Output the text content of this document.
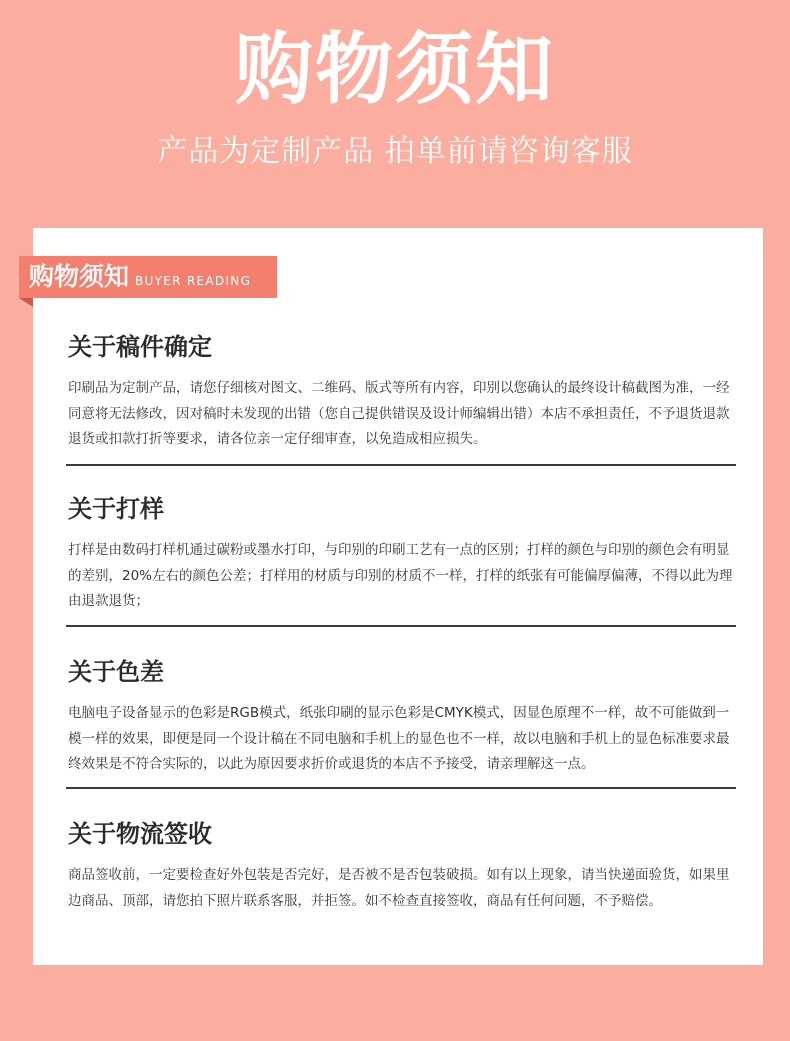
购物须知
产品为定制产品 拍单前请咨询客服
购物须知 BUYER READING
关于稿件确定

印刷品为定制产品，请您仔细核对图文、二维码、版式等所有内容，印别以您确认的最终设计稿截图为准，一经同意将无法修改，因对稿时未发现的出错（您自己提供错误及设计师编辑出错）本店不承担责任，不予退货退款退货或扣款打折等要求，请各位亲一定仔细审查，以免造成相应损失。

关于打样

打样是由数码打样机通过碳粉或墨水打印，与印别的印刷工艺有一点的区别；打样的颜色与印别的颜色会有明显的差别，20%左右的颜色公差；打样用的材质与印别的材质不一样，打样的纸张有可能偏厚偏薄，不得以此为理由退款退货；

关于色差

电脑电子设备显示的色彩是RGB模式，纸张印刷的显示色彩是CMYK模式，因显色原理不一样，故不可能做到一模一样的效果，即便是同一个设计稿在不同电脑和手机上的显色也不一样，故以电脑和手机上的显色标准要求最终效果是不符合实际的，以此为原因要求折价或退货的本店不予接受，请亲理解这一点。

关于物流签收

商品签收前，一定要检查好外包装是否完好，是否被不是否包装破损。如有以上现象，请当快递面验货，如果里边商品、顶部，请您拍下照片联系客服，并拒签。如不检查直接签收，商品有任何问题，不予赔偿。
